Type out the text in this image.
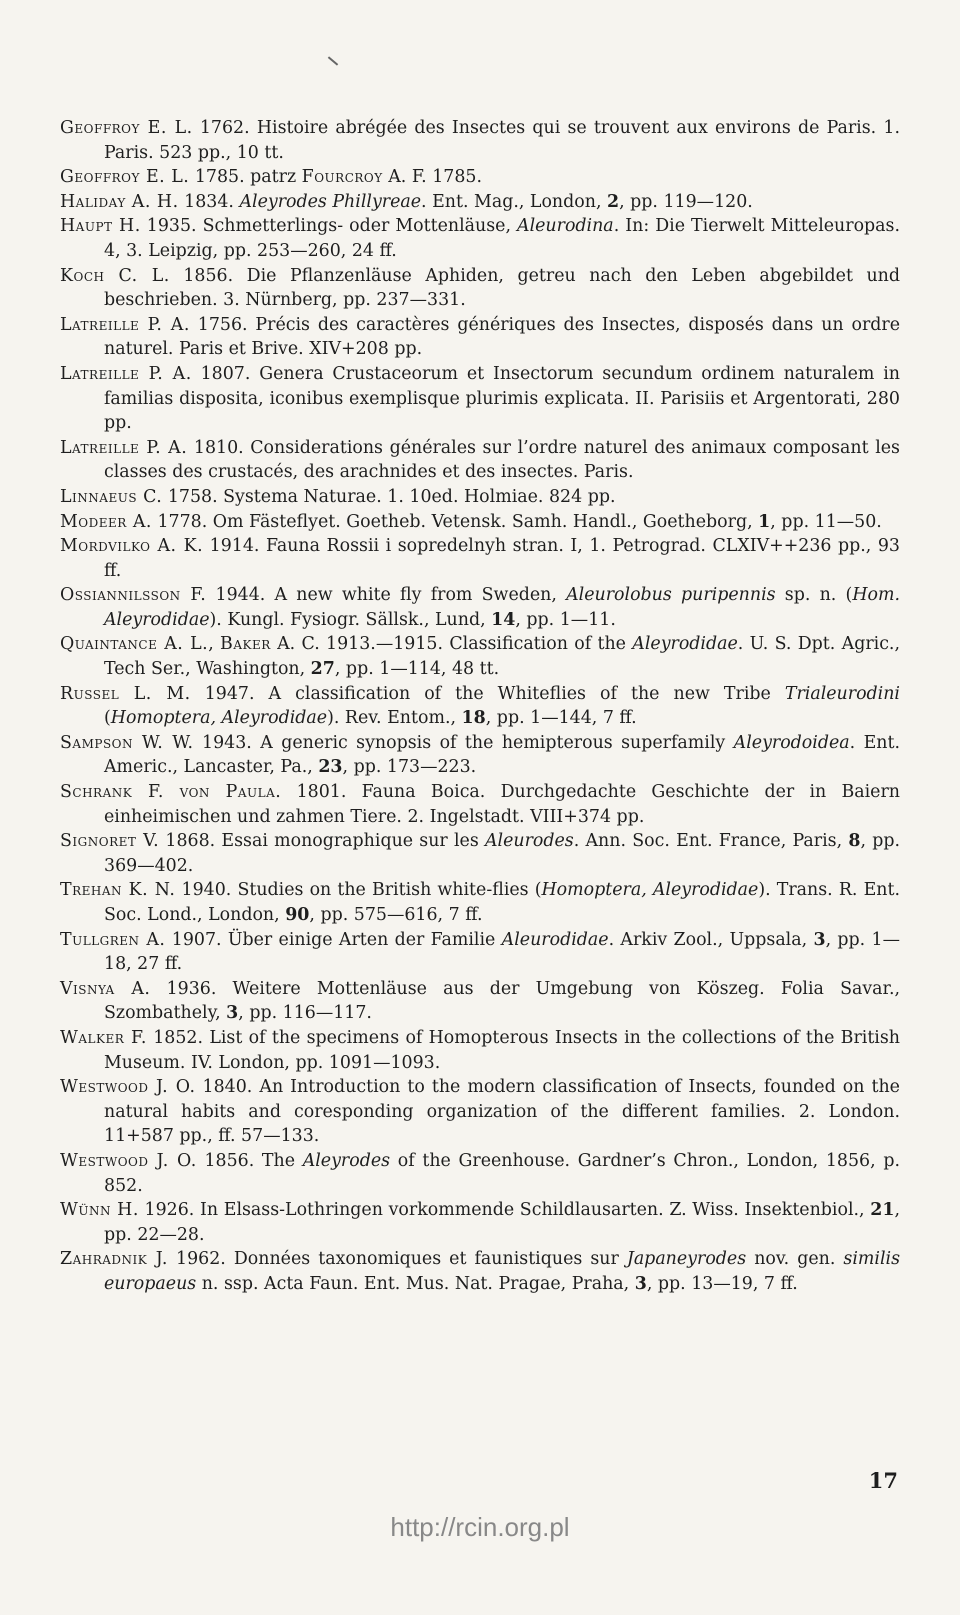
Geoffroy E. L. 1762. Histoire abrégée des Insectes qui se trouvent aux environs de Paris. 1. Paris. 523 pp., 10 tt.
Geoffroy E. L. 1785. patrz Fourcroy A. F. 1785.
Haliday A. H. 1834. Aleyrodes Phillyreae. Ent. Mag., London, 2, pp. 119—120.
Haupt H. 1935. Schmetterlings- oder Mottenläuse, Aleurodina. In: Die Tierwelt Mitteleuropas. 4, 3. Leipzig, pp. 253—260, 24 ff.
Koch C. L. 1856. Die Pflanzenläuse Aphiden, getreu nach den Leben abgebildet und beschrieben. 3. Nürnberg, pp. 237—331.
Latreille P. A. 1756. Précis des caractères génériques des Insectes, disposés dans un ordre naturel. Paris et Brive. XIV+208 pp.
Latreille P. A. 1807. Genera Crustaceorum et Insectorum secundum ordinem naturalem in familias disposita, iconibus exemplisque plurimis explicata. II. Parisiis et Argentorati, 280 pp.
Latreille P. A. 1810. Considerations générales sur l’ordre naturel des animaux composant les classes des crustacés, des arachnides et des insectes. Paris.
Linnaeus C. 1758. Systema Naturae. 1. 10ed. Holmiae. 824 pp.
Modeer A. 1778. Om Fästeflyet. Goetheb. Vetensk. Samh. Handl., Goetheborg, 1, pp. 11—50.
Mordvilko A. K. 1914. Fauna Rossii i sopredelnyh stran. I, 1. Petrograd. CLXIV++236 pp., 93 ff.
Ossiannilsson F. 1944. A new white fly from Sweden, Aleurolobus puripennis sp. n. (Hom. Aleyrodidae). Kungl. Fysiogr. Sällsk., Lund, 14, pp. 1—11.
Quaintance A. L., Baker A. C. 1913.—1915. Classification of the Aleyrodidae. U. S. Dpt. Agric., Tech Ser., Washington, 27, pp. 1—114, 48 tt.
Russel L. M. 1947. A classification of the Whiteflies of the new Tribe Trialeurodini (Homoptera, Aleyrodidae). Rev. Entom., 18, pp. 1—144, 7 ff.
Sampson W. W. 1943. A generic synopsis of the hemipterous superfamily Aleyrodoidea. Ent. Americ., Lancaster, Pa., 23, pp. 173—223.
Schrank F. von Paula. 1801. Fauna Boica. Durchgedachte Geschichte der in Baiern einheimischen und zahmen Tiere. 2. Ingelstadt. VIII+374 pp.
Signoret V. 1868. Essai monographique sur les Aleurodes. Ann. Soc. Ent. France, Paris, 8, pp. 369—402.
Trehan K. N. 1940. Studies on the British white-flies (Homoptera, Aleyrodidae). Trans. R. Ent. Soc. Lond., London, 90, pp. 575—616, 7 ff.
Tullgren A. 1907. Über einige Arten der Familie Aleurodidae. Arkiv Zool., Uppsala, 3, pp. 1—18, 27 ff.
Visnya A. 1936. Weitere Mottenläuse aus der Umgebung von Köszeg. Folia Savar., Szombathely, 3, pp. 116—117.
Walker F. 1852. List of the specimens of Homopterous Insects in the collections of the British Museum. IV. London, pp. 1091—1093.
Westwood J. O. 1840. An Introduction to the modern classification of Insects, founded on the natural habits and coresponding organization of the different families. 2. London. 11+587 pp., ff. 57—133.
Westwood J. O. 1856. The Aleyrodes of the Greenhouse. Gardner’s Chron., London, 1856, p. 852.
Wünn H. 1926. In Elsass-Lothringen vorkommende Schildlausarten. Z. Wiss. Insektenbiol., 21, pp. 22—28.
Zahradnik J. 1962. Données taxonomiques et faunistiques sur Japaneyrodes nov. gen. similis europaeus n. ssp. Acta Faun. Ent. Mus. Nat. Pragae, Praha, 3, pp. 13—19, 7 ff.
17
http://rcin.org.pl
